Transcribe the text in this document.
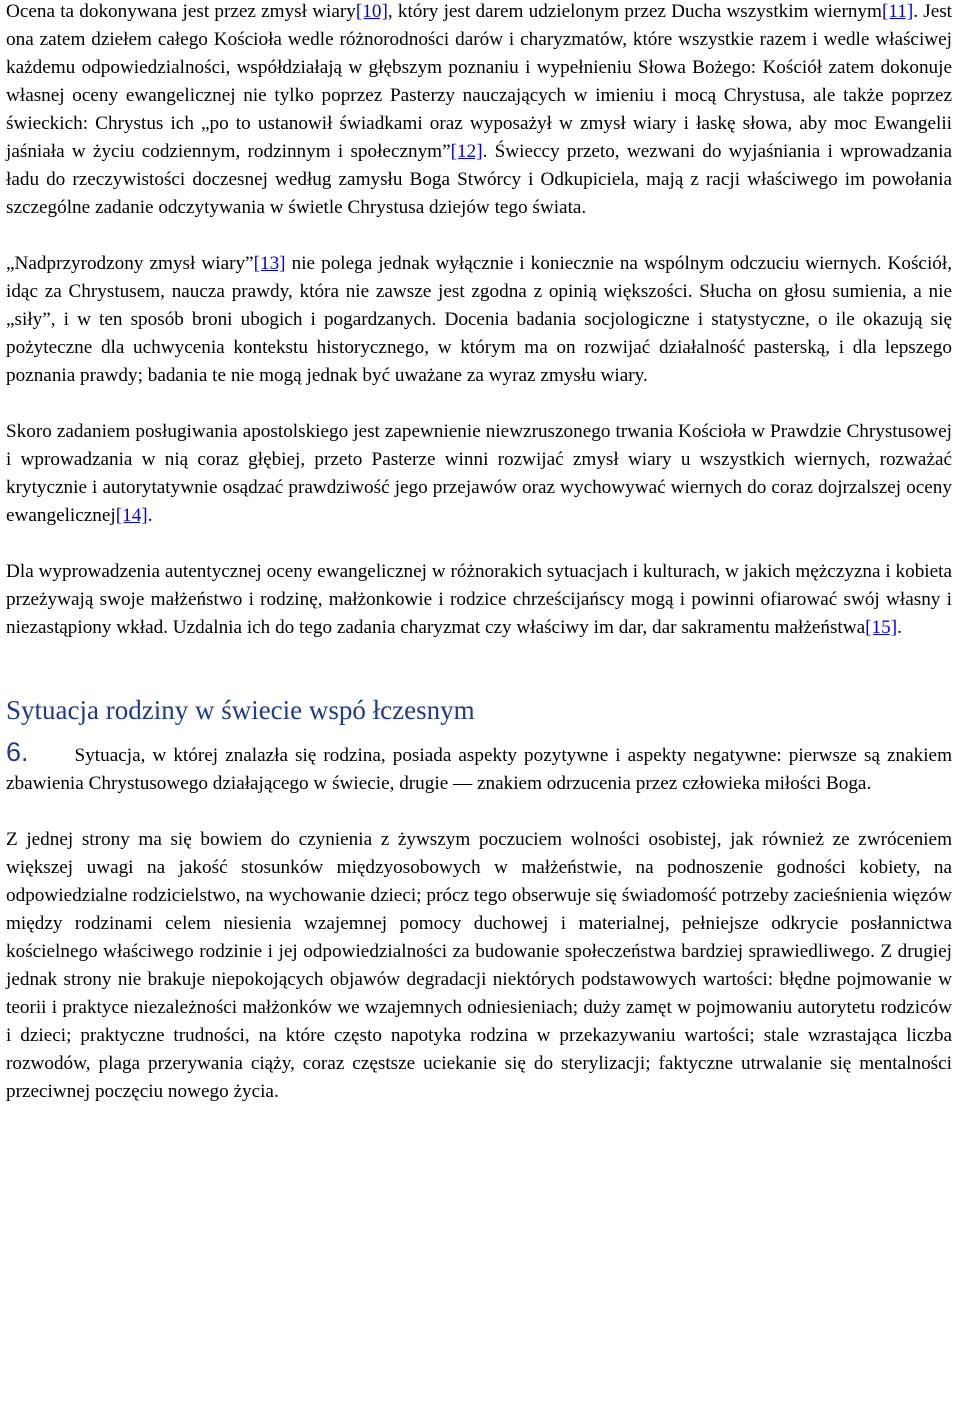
Ocena ta dokonywana jest przez zmysł wiary[10], który jest darem udzielonym przez Ducha wszystkim wiernym[11]. Jest ona zatem dziełem całego Kościoła wedle różnorodności darów i charyzmatów, które wszystkie razem i wedle właściwej każdemu odpowiedzialności, współdziałają w głębszym poznaniu i wypełnieniu Słowa Bożego: Kościół zatem dokonuje własnej oceny ewangelicznej nie tylko poprzez Pasterzy nauczających w imieniu i mocą Chrystusa, ale także poprzez świeckich: Chrystus ich „po to ustanowił świadkami oraz wyposażył w zmysł wiary i łaskę słowa, aby moc Ewangelii jaśniała w życiu codziennym, rodzinnym i społecznym”[12]. Świeccy przeto, wezwani do wyjaśniania i wprowadzania ładu do rzeczywistości doczesnej według zamysłu Boga Stwórcy i Odkupiciela, mają z racji właściwego im powołania szczególne zadanie odczytywania w świetle Chrystusa dziejów tego świata.

„Nadprzyrodzony zmysł wiary”[13] nie polega jednak wyłącznie i koniecznie na wspólnym odczuciu wiernych. Kościół, idąc za Chrystusem, naucza prawdy, która nie zawsze jest zgodna z opinią większości. Słucha on głosu sumienia, a nie „siły”, i w ten sposób broni ubogich i pogardzanych. Docenia badania socjologiczne i statystyczne, o ile okazują się pożyteczne dla uchwycenia kontekstu historycznego, w którym ma on rozwijać działalność pasterską, i dla lepszego poznania prawdy; badania te nie mogą jednak być uważane za wyraz zmysłu wiary.

Skoro zadaniem posługiwania apostolskiego jest zapewnienie niewzruszonego trwania Kościoła w Prawdzie Chrystusowej i wprowadzania w nią coraz głębiej, przeto Pasterze winni rozwijać zmysł wiary u wszystkich wiernych, rozważać krytycznie i autorytatywnie osądzać prawdziwość jego przejawów oraz wychowywać wiernych do coraz dojrzalszej oceny ewangelicznej[14].

Dla wyprowadzenia autentycznej oceny ewangelicznej w różnorakich sytuacjach i kulturach, w jakich mężczyzna i kobieta przeżywają swoje małżeństwo i rodzinę, małżonkowie i rodzice chrześcijańscy mogą i powinni ofiarować swój własny i niezastąpiony wkład. Uzdalnia ich do tego zadania charyzmat czy właściwy im dar, dar sakramentu małżeństwa[15].

Sytuacja rodziny w świecie wspó łczesnym

6. Sytuacja, w której znalazła się rodzina, posiada aspekty pozytywne i aspekty negatywne: pierwsze są znakiem zbawienia Chrystusowego działającego w świecie, drugie — znakiem odrzucenia przez człowieka miłości Boga.

Z jednej strony ma się bowiem do czynienia z żywszym poczuciem wolności osobistej, jak również ze zwróceniem większej uwagi na jakość stosunków międzyosobowych w małżeństwie, na podnoszenie godności kobiety, na odpowiedzialne rodzicielstwo, na wychowanie dzieci; prócz tego obserwuje się świadomość potrzeby zacieśnienia więzów między rodzinami celem niesienia wzajemnej pomocy duchowej i materialnej, pełniejsze odkrycie posłannictwa kościelnego właściwego rodzinie i jej odpowiedzialności za budowanie społeczeństwa bardziej sprawiedliwego. Z drugiej jednak strony nie brakuje niepokojących objawów degradacji niektórych podstawowych wartości: błędne pojmowanie w teorii i praktyce niezależności małżonków we wzajemnych odniesieniach; duży zamęt w pojmowaniu autorytetu rodziców i dzieci; praktyczne trudności, na które często napotyka rodzina w przekazywaniu wartości; stale wzrastająca liczba rozwodów, plaga przerywania ciąży, coraz częstsze uciekanie się do sterylizacji; faktyczne utrwalanie się mentalności przeciwnej poczęciu nowego życia.
